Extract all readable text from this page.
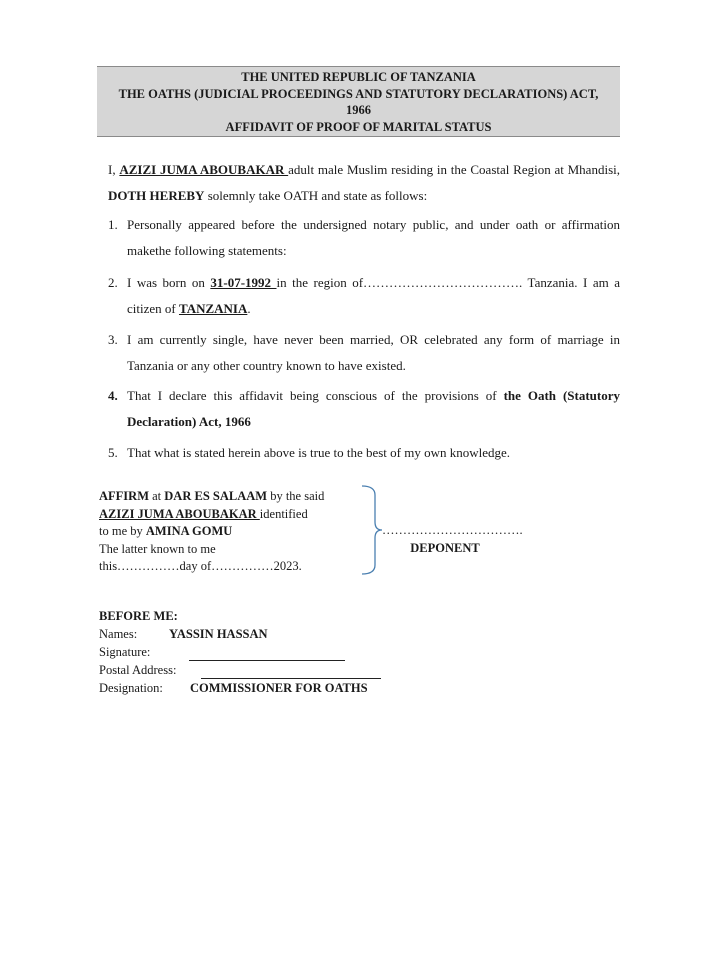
THE UNITED REPUBLIC OF TANZANIA
THE OATHS (JUDICIAL PROCEEDINGS AND STATUTORY DECLARATIONS) ACT,
1966
AFFIDAVIT OF PROOF OF MARITAL STATUS
I, AZIZI JUMA ABOUBAKAR adult male Muslim residing in the Coastal Region at Mhandisi, DOTH HEREBY solemnly take OATH and state as follows:
1. Personally appeared before the undersigned notary public, and under oath or affirmation makethe following statements:
2. I was born on 31-07-1992 in the region of………………………………. Tanzania. I am a citizen of TANZANIA.
3. I am currently single, have never been married, OR celebrated any form of marriage in Tanzania or any other country known to have existed.
4. That I declare this affidavit being conscious of the provisions of the Oath (Statutory Declaration) Act, 1966
5. That what is stated herein above is true to the best of my own knowledge.
AFFIRM at DAR ES SALAAM by the said
AZIZI JUMA ABOUBAKAR identified
to me by AMINA GOMU
The latter known to me
this……………day of……………2023.
…………………………….
DEPONENT
BEFORE ME:
Names:	YASSIN HASSAN
Signature:
Postal Address:
Designation:	COMMISSIONER FOR OATHS
